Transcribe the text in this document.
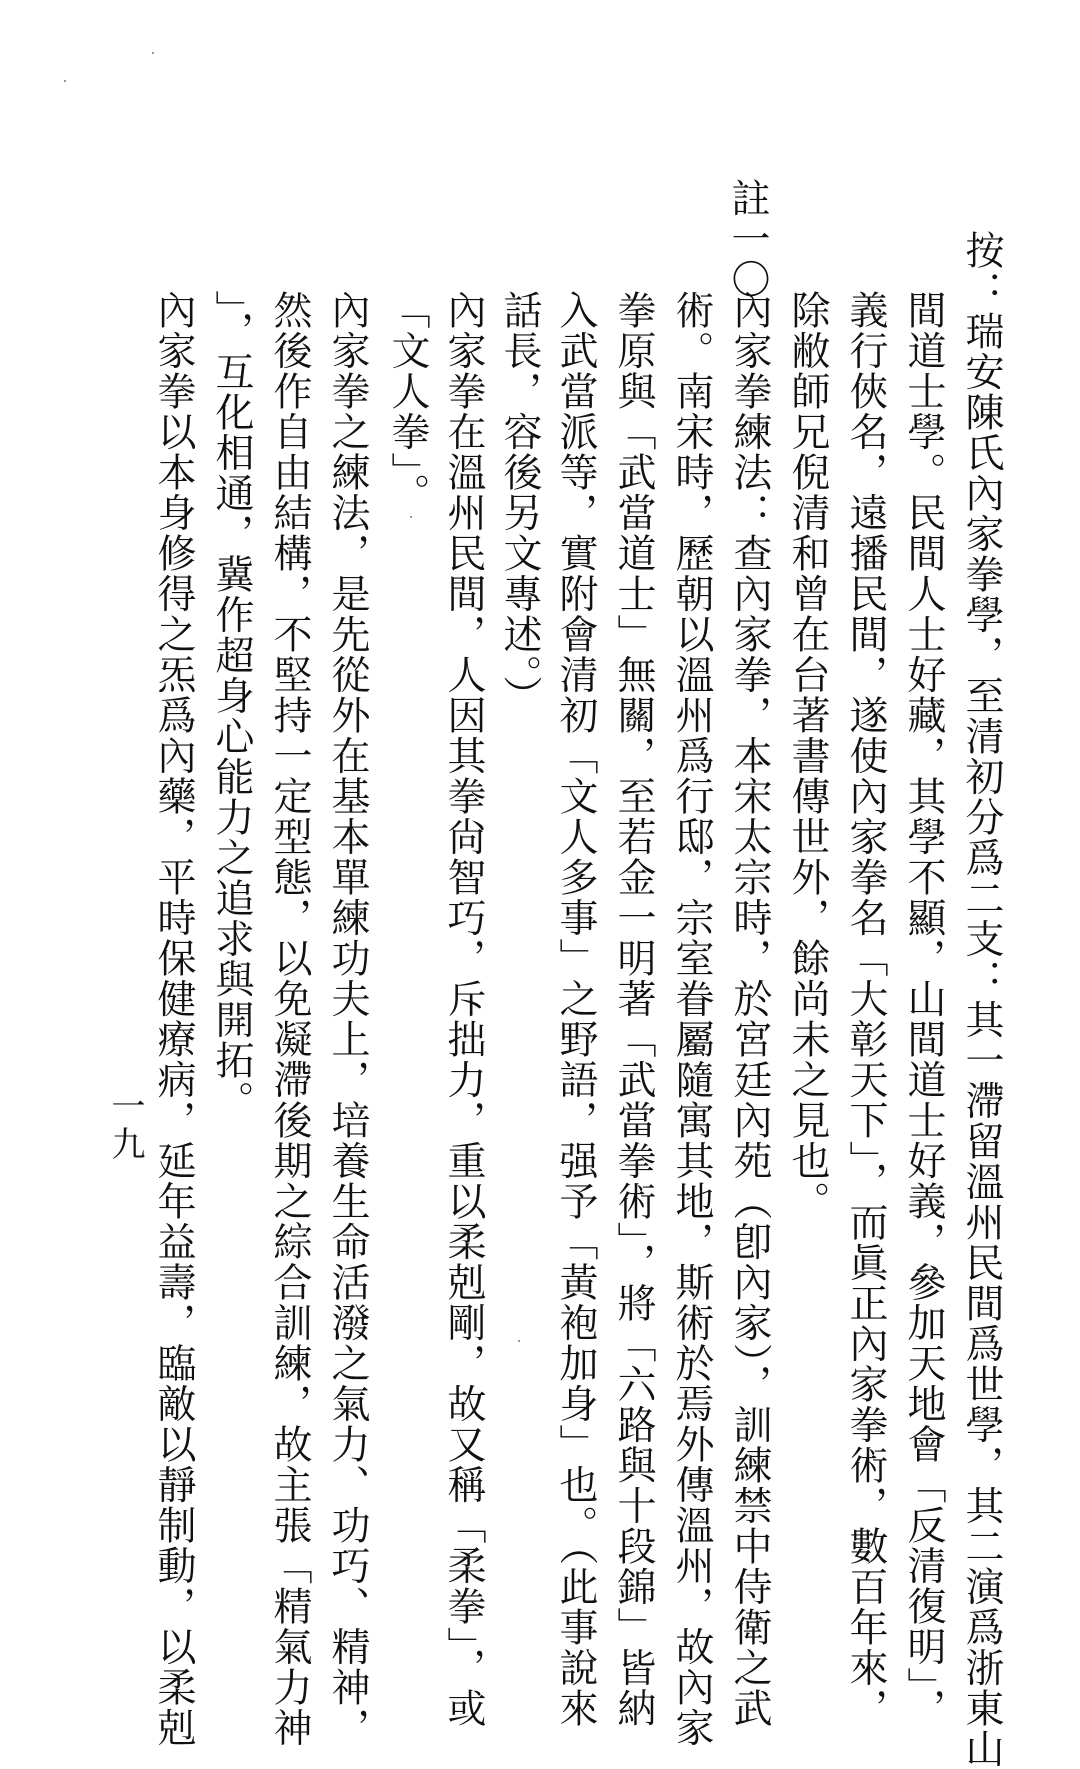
註一〇	按：瑞安陳氏內家拳學，至清初分爲二支：其一滯留溫州民間爲世學，其二演爲浙東山
間道士學。民間人士好藏，其學不顯，山間道士好義，參加天地會「反清復明」，
義行俠名，遠播民間，遂使內家拳名「大彰天下」，而眞正內家拳術，數百年來，
除敝師兄倪清和曾在台著書傳世外，餘尚未之見也。
內家拳練法：查內家拳，本宋太宗時，於宮廷內苑（卽內家），訓練禁中侍衛之武
術。南宋時，歷朝以溫州爲行邸，宗室眷屬隨寓其地，斯術於焉外傳溫州，故內家
拳原與「武當道士」無關，至若金一明著「武當拳術」，將「六路與十段錦」皆納
入武當派等，實附會清初「文人多事」之野語，强予「黃袍加身」也。（此事說來
話長，容後另文專述。）
內家拳在溫州民間，人因其拳尙智巧，斥拙力，重以柔剋剛，故又稱「柔拳」，或
「文人拳」。
內家拳之練法，是先從外在基本單練功夫上，培養生命活潑之氣力、功巧、精神，
然後作自由結構，不堅持一定型態，以免凝滯後期之綜合訓練，故主張「精氣力神
」，互化相通，冀作超身心能力之追求與開拓。
內家拳以本身修得之炁爲內藥，平時保健療病，延年益壽，臨敵以靜制動，以柔剋
一九
